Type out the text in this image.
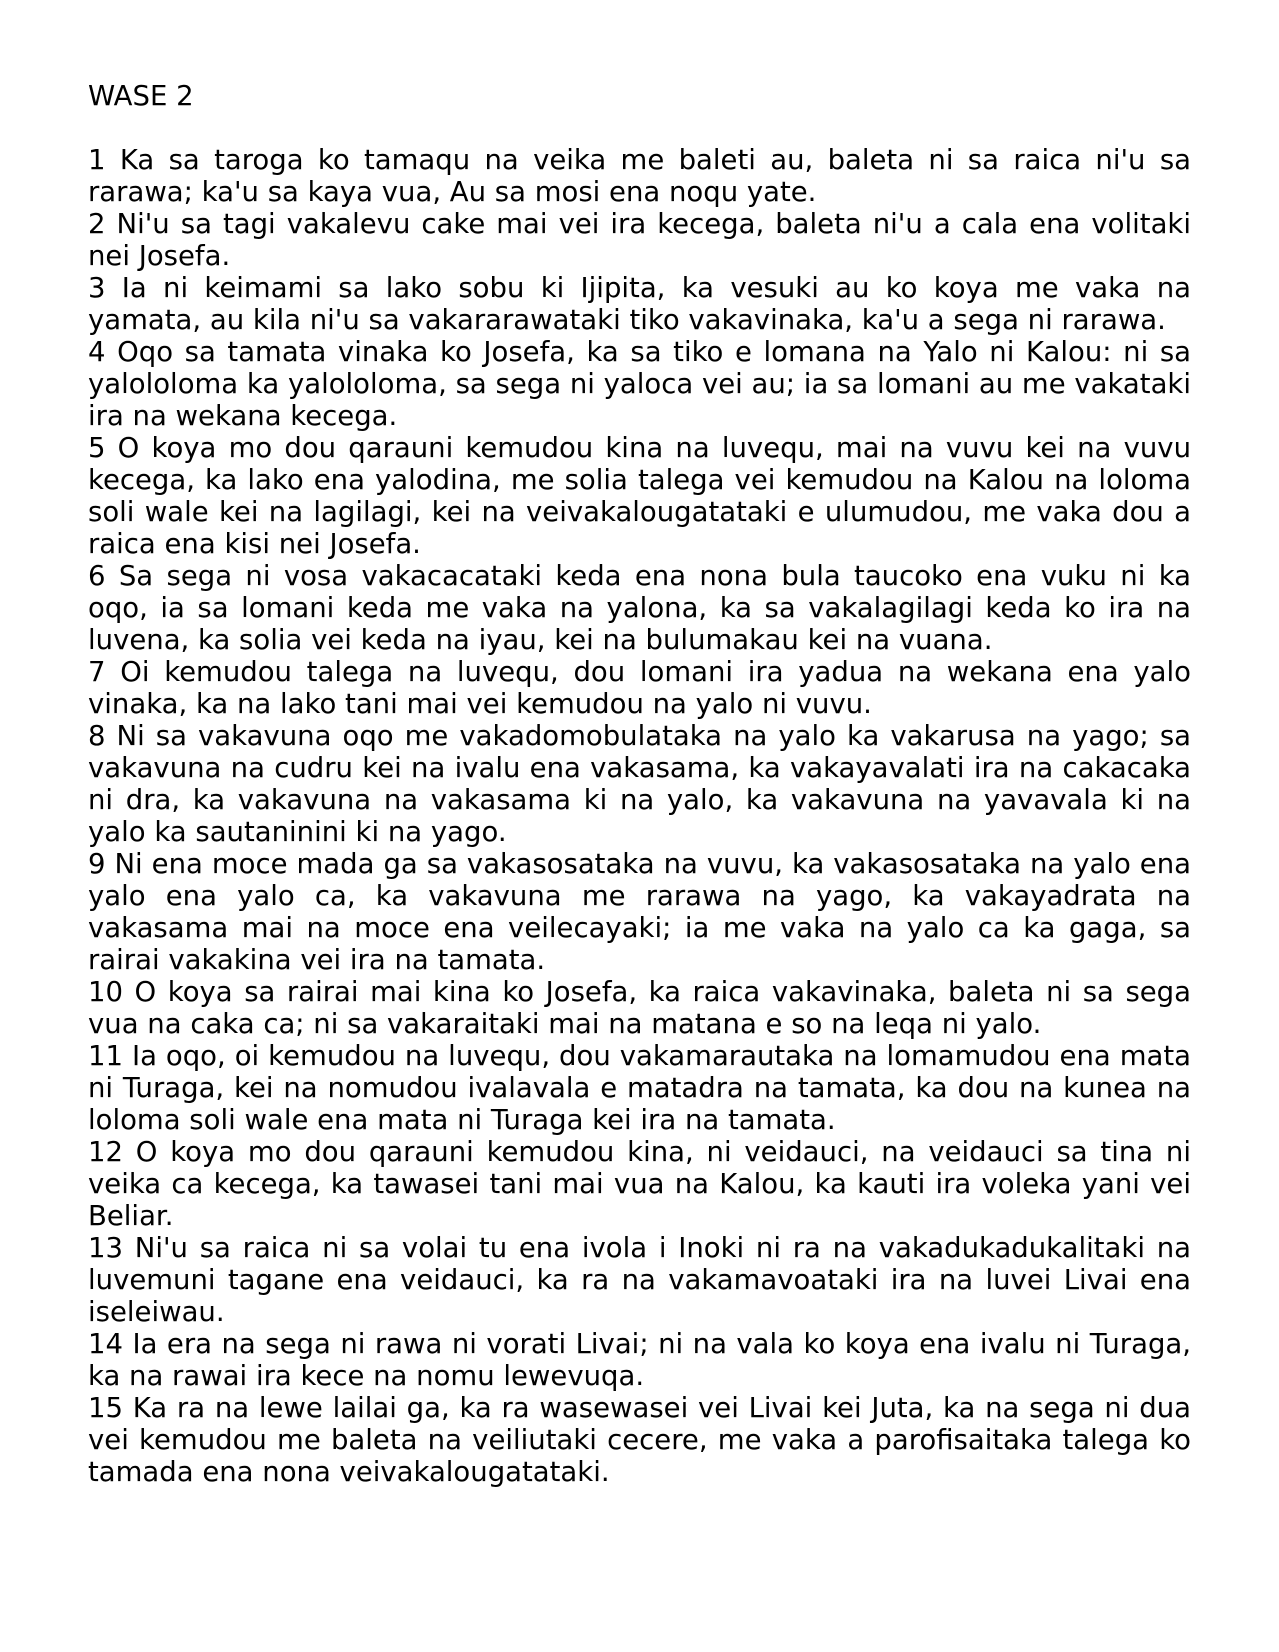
WASE 2

1 Ka sa taroga ko tamaqu na veika me baleti au, baleta ni sa raica ni'u sa rarawa; ka'u sa kaya vua, Au sa mosi ena noqu yate.

2 Ni'u sa tagi vakalevu cake mai vei ira kecega, baleta ni'u a cala ena volitaki nei Josefa.

3 Ia ni keimami sa lako sobu ki Ijipita, ka vesuki au ko koya me vaka na yamata, au kila ni'u sa vakararawataki tiko vakavinaka, ka'u a sega ni rarawa.

4 Oqo sa tamata vinaka ko Josefa, ka sa tiko e lomana na Yalo ni Kalou: ni sa yalololoma ka yalololoma, sa sega ni yaloca vei au; ia sa lomani au me vakataki ira na wekana kecega.

5 O koya mo dou qarauni kemudou kina na luvequ, mai na vuvu kei na vuvu kecega, ka lako ena yalodina, me solia talega vei kemudou na Kalou na loloma soli wale kei na lagilagi, kei na veivakalougatataki e ulumudou, me vaka dou a raica ena kisi nei Josefa.

6 Sa sega ni vosa vakacacataki keda ena nona bula taucoko ena vuku ni ka oqo, ia sa lomani keda me vaka na yalona, ka sa vakalagilagi keda ko ira na luvena, ka solia vei keda na iyau, kei na bulumakau kei na vuana.

7 Oi kemudou talega na luvequ, dou lomani ira yadua na wekana ena yalo vinaka, ka na lako tani mai vei kemudou na yalo ni vuvu.

8 Ni sa vakavuna oqo me vakadomobulataka na yalo ka vakarusa na yago; sa vakavuna na cudru kei na ivalu ena vakasama, ka vakayavalati ira na cakacaka ni dra, ka vakavuna na vakasama ki na yalo, ka vakavuna na yavavala ki na yalo ka sautaninini ki na yago.

9 Ni ena moce mada ga sa vakasosataka na vuvu, ka vakasosataka na yalo ena yalo ena yalo ca, ka vakavuna me rarawa na yago, ka vakayadrata na vakasama mai na moce ena veilecayaki; ia me vaka na yalo ca ka gaga, sa rairai vakakina vei ira na tamata.

10 O koya sa rairai mai kina ko Josefa, ka raica vakavinaka, baleta ni sa sega vua na caka ca; ni sa vakaraitaki mai na matana e so na leqa ni yalo.

11 Ia oqo, oi kemudou na luvequ, dou vakamarautaka na lomamudou ena mata ni Turaga, kei na nomudou ivalavala e matadra na tamata, ka dou na kunea na loloma soli wale ena mata ni Turaga kei ira na tamata.

12 O koya mo dou qarauni kemudou kina, ni veidauci, na veidauci sa tina ni veika ca kecega, ka tawasei tani mai vua na Kalou, ka kauti ira voleka yani vei Beliar.

13 Ni'u sa raica ni sa volai tu ena ivola i Inoki ni ra na vakadukadukalitaki na luvemuni tagane ena veidauci, ka ra na vakamavoataki ira na luvei Livai ena iseleiwau.

14 Ia era na sega ni rawa ni vorati Livai; ni na vala ko koya ena ivalu ni Turaga, ka na rawai ira kece na nomu lewevuqa.

15 Ka ra na lewe lailai ga, ka ra wasewasei vei Livai kei Juta, ka na sega ni dua vei kemudou me baleta na veiliutaki cecere, me vaka a parofisaitaka talega ko tamada ena nona veivakalougatataki.
